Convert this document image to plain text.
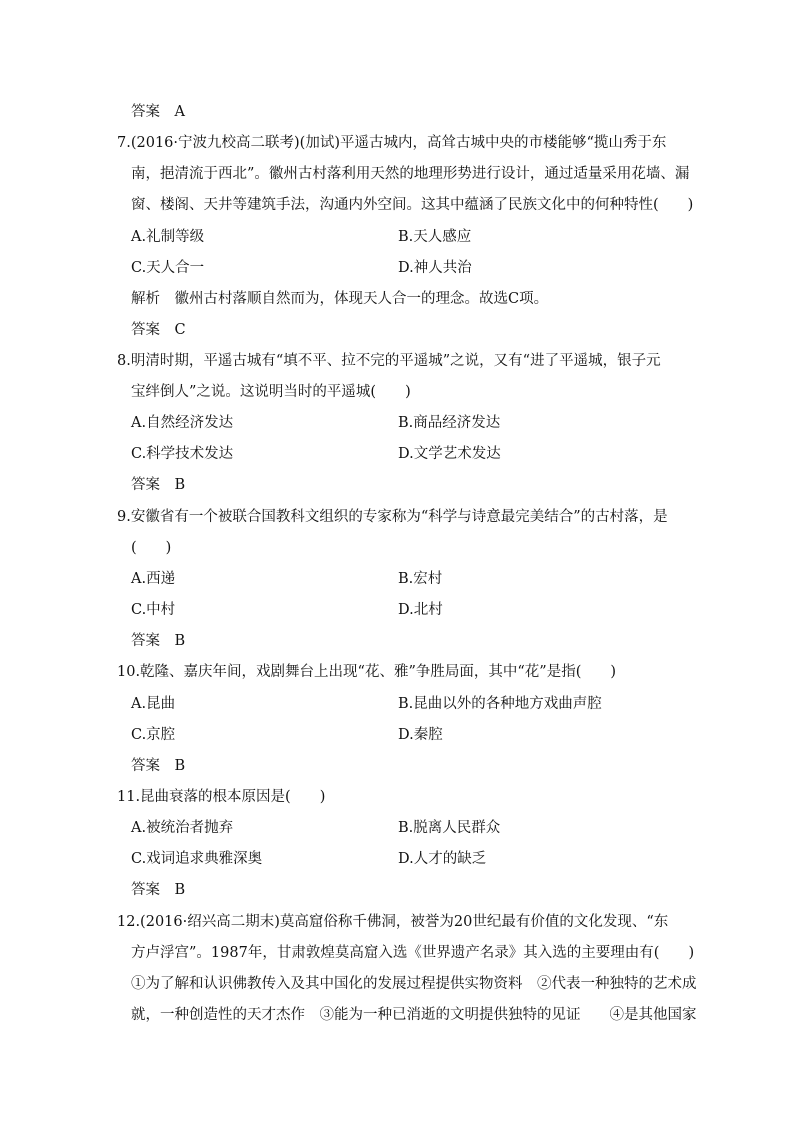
答案　A
7.(2016·宁波九校高二联考)(加试)平遥古城内，高耸古城中央的市楼能够“揽山秀于东
南，挹清流于西北”。徽州古村落利用天然的地理形势进行设计，通过适量采用花墙、漏
窗、楼阁、天井等建筑手法，沟通内外空间。这其中蕴涵了民族文化中的何种特性(　　)
A.礼制等级	B.天人感应
C.天人合一	D.神人共治
解析　徽州古村落顺自然而为，体现天人合一的理念。故选C项。
答案　C
8.明清时期，平遥古城有“填不平、拉不完的平遥城”之说，又有“进了平遥城，银子元
宝绊倒人”之说。这说明当时的平遥城(　　)
A.自然经济发达	B.商品经济发达
C.科学技术发达	D.文学艺术发达
答案　B
9.安徽省有一个被联合国教科文组织的专家称为“科学与诗意最完美结合”的古村落，是
(　　)
A.西递	B.宏村
C.中村	D.北村
答案　B
10.乾隆、嘉庆年间，戏剧舞台上出现“花、雅”争胜局面，其中“花”是指(　　)
A.昆曲	B.昆曲以外的各种地方戏曲声腔
C.京腔	D.秦腔
答案　B
11.昆曲衰落的根本原因是(　　)
A.被统治者抛弃	B.脱离人民群众
C.戏词追求典雅深奥	D.人才的缺乏
答案　B
12.(2016·绍兴高二期末)莫高窟俗称千佛洞，被誉为20世纪最有价值的文化发现、“东
方卢浮宫”。1987年，甘肃敦煌莫高窟入选《世界遗产名录》其入选的主要理由有(　　)
①为了解和认识佛教传入及其中国化的发展过程提供实物资料　②代表一种独特的艺术成
就，一种创造性的天才杰作　③能为一种已消逝的文明提供独特的见证　　④是其他国家
